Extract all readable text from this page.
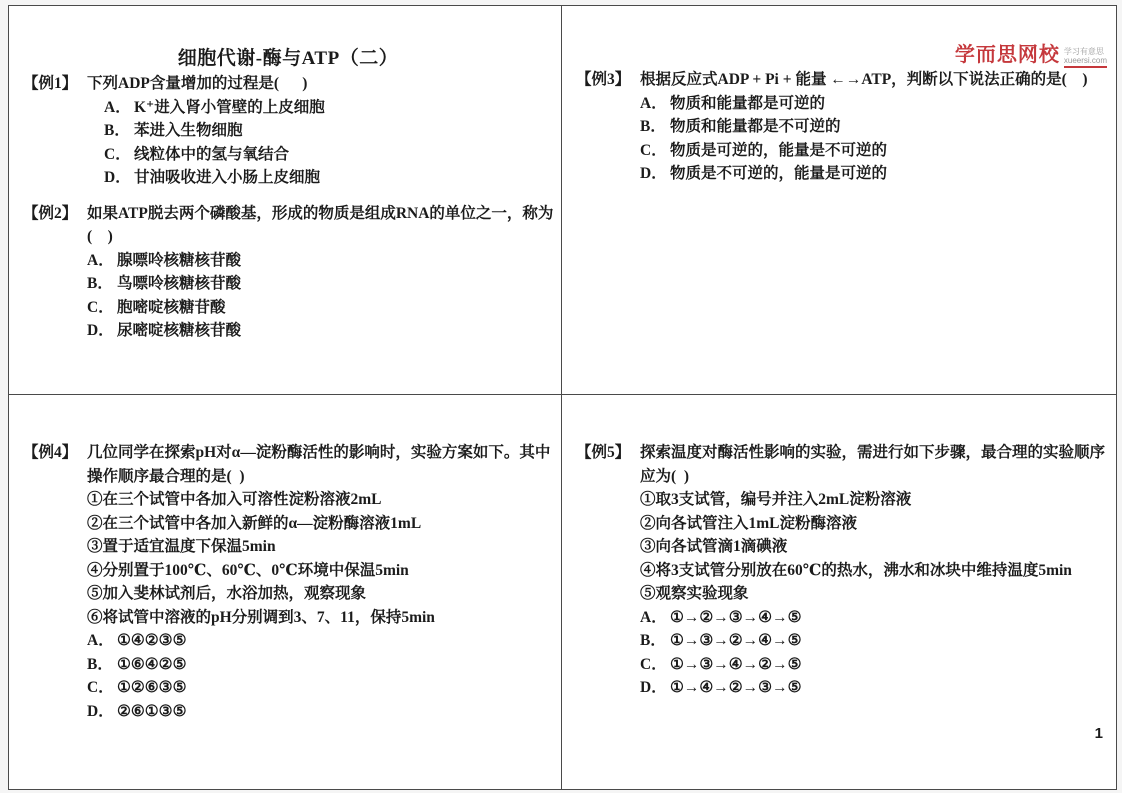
细胞代谢-酶与ATP（二）
【例1】 下列ADP含量增加的过程是(      )
A． K⁺进入肾小管壁的上皮细胞
B． 苯进入生物细胞
C． 线粒体中的氢与氧结合
D． 甘油吸收进入小肠上皮细胞
【例2】 如果ATP脱去两个磷酸基，形成的物质是组成RNA的单位之一，称为
(    )
A． 腺嘌呤核糖核苷酸
B． 鸟嘌呤核糖核苷酸
C． 胞嘧啶核糖苷酸
D． 尿嘧啶核糖核苷酸
学而思网校 学习有意思
xueersi.com
【例3】 根据反应式ADP + Pi + 能量 ←→ATP，判断以下说法正确的是(    )
A． 物质和能量都是可逆的
B． 物质和能量都是不可逆的
C． 物质是可逆的，能量是不可逆的
D． 物质是不可逆的，能量是可逆的
【例4】 几位同学在探索pH对α—淀粉酶活性的影响时，实验方案如下。其中
操作顺序最合理的是(  )
①在三个试管中各加入可溶性淀粉溶液2mL
②在三个试管中各加入新鲜的α—淀粉酶溶液1mL
③置于适宜温度下保温5min
④分别置于100℃、60℃、0℃环境中保温5min
⑤加入斐林试剂后，水浴加热，观察现象
⑥将试管中溶液的pH分别调到3、7、11，保持5min
A． ①④②③⑤
B． ①⑥④②⑤
C． ①②⑥③⑤
D． ②⑥①③⑤
【例5】 探索温度对酶活性影响的实验，需进行如下步骤，最合理的实验顺序
应为(  )
①取3支试管，编号并注入2mL淀粉溶液
②向各试管注入1mL淀粉酶溶液
③向各试管滴1滴碘液
④将3支试管分别放在60℃的热水，沸水和冰块中维持温度5min
⑤观察实验现象
A． ①→②→③→④→⑤
B． ①→③→②→④→⑤
C． ①→③→④→②→⑤
D． ①→④→②→③→⑤
1
